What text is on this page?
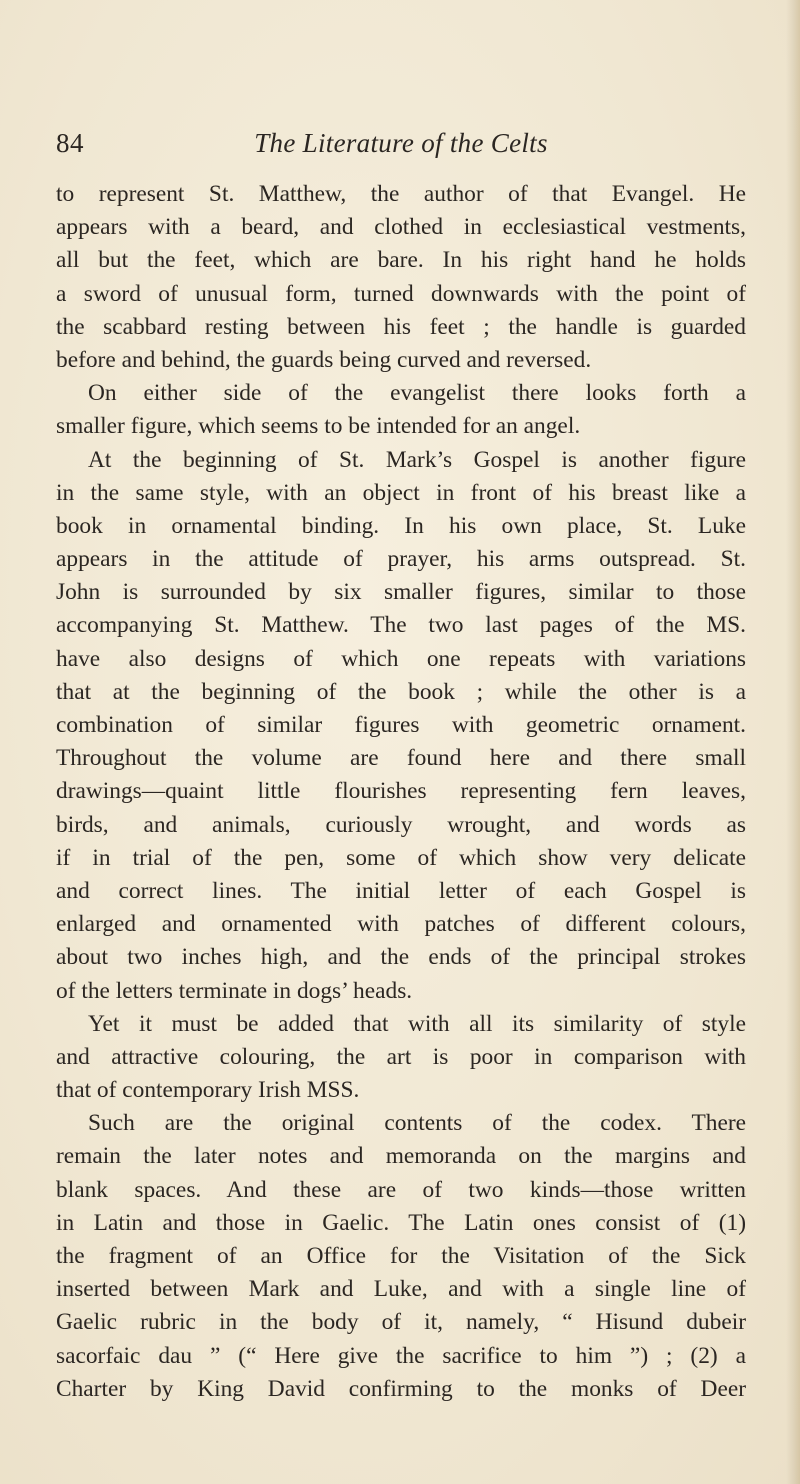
84	The Literature of the Celts
to represent St. Matthew, the author of that Evangel. He
appears with a beard, and clothed in ecclesiastical vestments,
all but the feet, which are bare. In his right hand he holds
a sword of unusual form, turned downwards with the point of
the scabbard resting between his feet ; the handle is guarded
before and behind, the guards being curved and reversed.
On either side of the evangelist there looks forth a
smaller figure, which seems to be intended for an angel.
At the beginning of St. Mark’s Gospel is another figure
in the same style, with an object in front of his breast like a
book in ornamental binding. In his own place, St. Luke
appears in the attitude of prayer, his arms outspread. St.
John is surrounded by six smaller figures, similar to those
accompanying St. Matthew. The two last pages of the MS.
have also designs of which one repeats with variations
that at the beginning of the book ; while the other is a
combination of similar figures with geometric ornament.
Throughout the volume are found here and there small
drawings—quaint little flourishes representing fern leaves,
birds, and animals, curiously wrought, and words as
if in trial of the pen, some of which show very delicate
and correct lines. The initial letter of each Gospel is
enlarged and ornamented with patches of different colours,
about two inches high, and the ends of the principal strokes
of the letters terminate in dogs’ heads.
Yet it must be added that with all its similarity of style
and attractive colouring, the art is poor in comparison with
that of contemporary Irish MSS.
Such are the original contents of the codex. There
remain the later notes and memoranda on the margins and
blank spaces. And these are of two kinds—those written
in Latin and those in Gaelic. The Latin ones consist of (1)
the fragment of an Office for the Visitation of the Sick
inserted between Mark and Luke, and with a single line of
Gaelic rubric in the body of it, namely, “ Hisund dubeir
sacorfaic dau ” (“ Here give the sacrifice to him ”) ; (2) a
Charter by King David confirming to the monks of Deer
